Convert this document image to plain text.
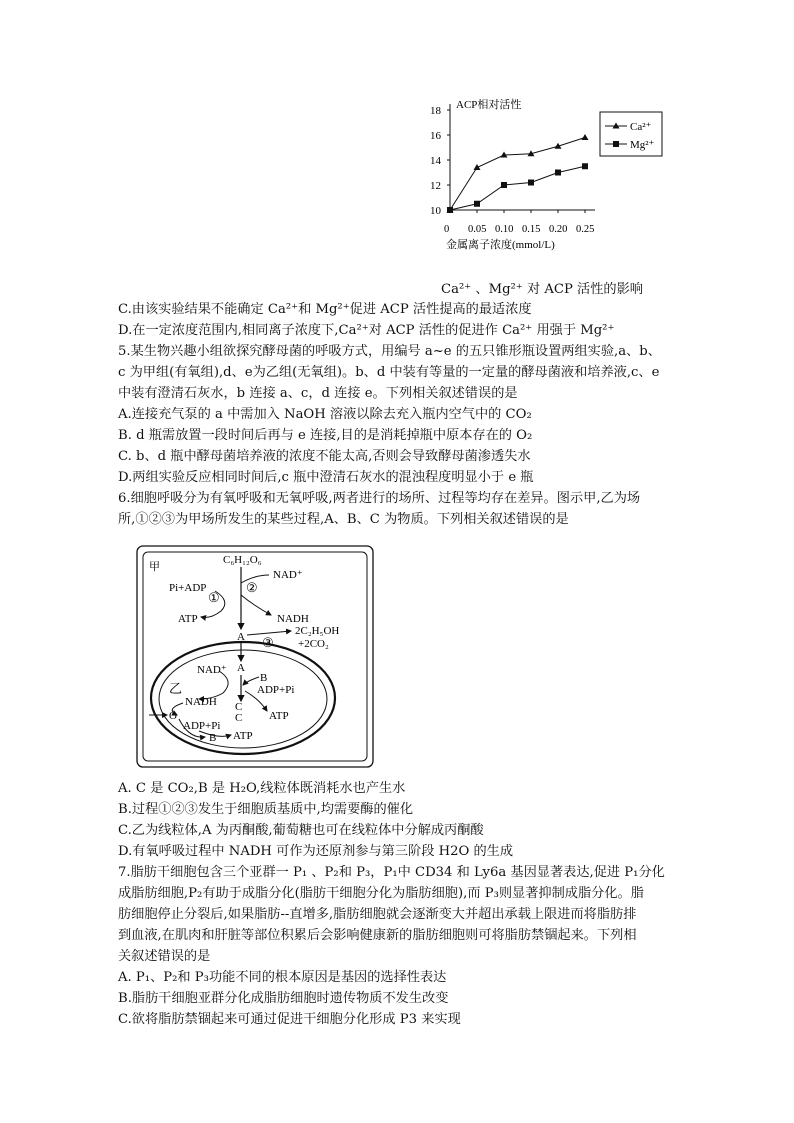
ACP相对活性
金属离子浓度(mmol/L)
10
12
14
16
18
0 0.05 0.10 0.15 0.20 0.25
Ca²⁺
Mg²⁺
Ca²⁺ 、Mg²⁺ 对 ACP 活性的影响
C.由该实验结果不能确定 Ca²⁺和 Mg²⁺促进 ACP 活性提高的最适浓度
D.在一定浓度范围内,相同离子浓度下,Ca²⁺对 ACP 活性的促进作 Ca²⁺ 用强于 Mg²⁺
5.某生物兴趣小组欲探究酵母菌的呼吸方式，用编号 a~e 的五只锥形瓶设置两组实验,a、b、
c 为甲组(有氧组),d、e为乙组(无氧组)。b、d 中装有等量的一定量的酵母菌液和培养液,c、e
中装有澄清石灰水，b 连接 a、c，d 连接 e。下列相关叙述错误的是
A.连接充气泵的 a 中需加入 NaOH 溶液以除去充入瓶内空气中的 CO₂
B. d 瓶需放置一段时间后再与 e 连接,目的是消耗掉瓶中原本存在的 O₂
C. b、d 瓶中酵母菌培养液的浓度不能太高,否则会导致酵母菌渗透失水
D.两组实验反应相同时间后,c 瓶中澄清石灰水的混浊程度明显小于 e 瓶
6.细胞呼吸分为有氧呼吸和无氧呼吸,两者进行的场所、过程等均存在差异。图示甲,乙为场
所,①②③为甲场所发生的某些过程,A、B、C 为物质。下列相关叙述错误的是
甲
乙
C₆H₁₂O₆
NAD⁺
Pi+ADP
①
②
ATP	NADH
A	2C₂H₅OH
+2CO₂
③
NAD⁺ A
B
ADP+Pi
NADH C
C ATP
O
ADP+Pi
B ATP
A. C 是 CO₂,B 是 H₂O,线粒体既消耗水也产生水
B.过程①②③发生于细胞质基质中,均需要酶的催化
C.乙为线粒体,A 为丙酮酸,葡萄糖也可在线粒体中分解成丙酮酸
D.有氧呼吸过程中 NADH 可作为还原剂参与第三阶段 H2O 的生成
7.脂肪干细胞包含三个亚群一 P₁ 、P₂和 P₃，P₁中 CD34 和 Ly6a 基因显著表达,促进 P₁分化
成脂肪细胞,P₂有助于成脂分化(脂肪干细胞分化为脂肪细胞),而 P₃则显著抑制成脂分化。脂
肪细胞停止分裂后,如果脂肪--直增多,脂肪细胞就会逐渐变大并超出承载上限进而将脂肪排
到血液,在肌肉和肝脏等部位积累后会影响健康新的脂肪细胞则可将脂肪禁锢起来。下列相
关叙述错误的是
A. P₁、P₂和 P₃功能不同的根本原因是基因的选择性表达
B.脂肪干细胞亚群分化成脂肪细胞时遗传物质不发生改变
C.欲将脂肪禁锢起来可通过促进干细胞分化形成 P3 来实现
